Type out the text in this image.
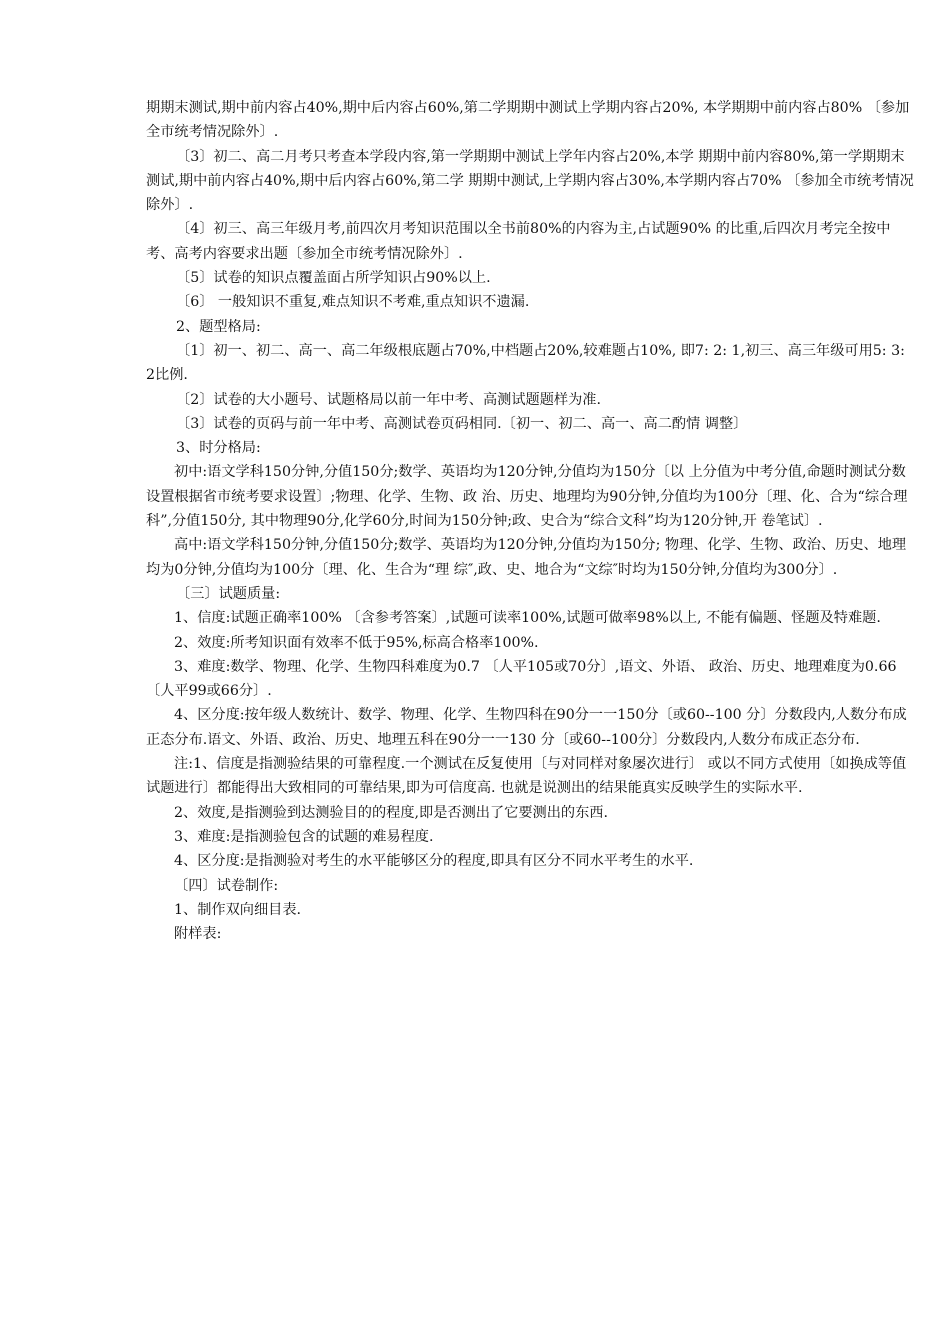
期期末测试,期中前内容占40%,期中后内容占60%,第二学期期中测试上学期内容占20%, 本学期期中前内容占80% 〔参加全市统考情况除外〕.

〔3〕初二、高二月考只考查本学段内容,第一学期期中测试上学年内容占20%,本学 期期中前内容80%,第一学期期末测试,期中前内容占40%,期中后内容占60%,第二学 期期中测试,上学期内容占30%,本学期内容占70% 〔参加全市统考情况除外〕.

〔4〕初三、高三年级月考,前四次月考知识范围以全书前80%的内容为主,占试题90% 的比重,后四次月考完全按中考、高考内容要求出题〔参加全市统考情况除外〕.

〔5〕试卷的知识点覆盖面占所学知识占90%以上.

〔6〕 一般知识不重复,难点知识不考难,重点知识不遗漏.

2、题型格局:

〔1〕初一、初二、高一、高二年级根底题占70%,中档题占20%,较难题占10%, 即7: 2: 1,初三、高三年级可用5: 3: 2比例.

〔2〕试卷的大小题号、试题格局以前一年中考、高测试题题样为准.

〔3〕试卷的页码与前一年中考、高测试卷页码相同.〔初一、初二、高一、高二酌情 调整〕

3、时分格局:

初中:语文学科150分钟,分值150分;数学、英语均为120分钟,分值均为150分〔以 上分值为中考分值,命题时测试分数设置根据省市统考要求设置〕;物理、化学、生物、政 治、历史、地理均为90分钟,分值均为100分〔理、化、合为“综合理科”,分值150分, 其中物理90分,化学60分,时间为150分钟;政、史合为“综合文科”均为120分钟,开 卷笔试〕.

高中:语文学科150分钟,分值150分;数学、英语均为120分钟,分值均为150分; 物理、化学、生物、政治、历史、地理均为0分钟,分值均为100分〔理、化、生合为“理 综″,政、史、地合为“文综″时均为150分钟,分值均为300分〕.

〔三〕试题质量:

1、信度:试题正确率100% 〔含参考答案〕,试题可读率100%,试题可做率98%以上, 不能有偏题、怪题及特难题.

2、效度:所考知识面有效率不低于95%,标高合格率100%.

3、难度:数学、物理、化学、生物四科难度为0.7 〔人平105或70分〕,语文、外语、 政治、历史、地理难度为0.66 〔人平99或66分〕.

4、区分度:按年级人数统计、数学、物理、化学、生物四科在90分一一150分〔或60--100 分〕分数段内,人数分布成正态分布.语文、外语、政治、历史、地理五科在90分一一130 分〔或60--100分〕分数段内,人数分布成正态分布.

注:1、信度是指测验结果的可靠程度.一个测试在反复使用〔与对同样对象屡次进行〕 或以不同方式使用〔如换成等值试题进行〕都能得出大致相同的可靠结果,即为可信度高. 也就是说测出的结果能真实反映学生的实际水平.

2、效度,是指测验到达测验目的的程度,即是否测出了它要测出的东西.

3、难度:是指测验包含的试题的难易程度.

4、区分度:是指测验对考生的水平能够区分的程度,即具有区分不同水平考生的水平.

〔四〕试卷制作:

1、制作双向细目表.

附样表:
